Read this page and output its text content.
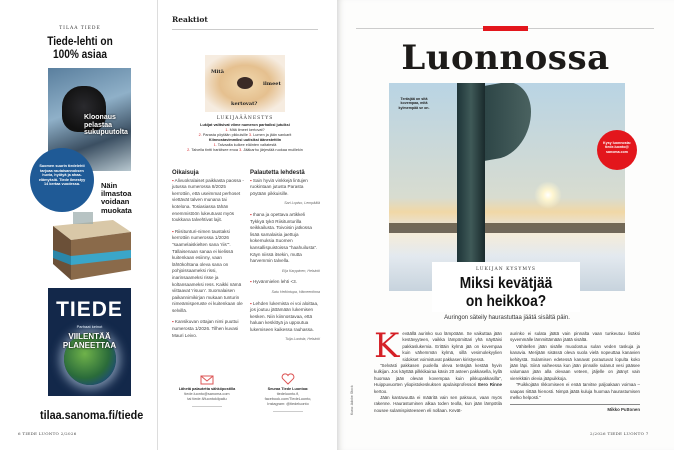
TILAA TIEDE
Tiede-lehti on
100% asiaa
Kloonaus
pelastaa
sukupuutolta
Suomen suurin tiedelehti tarjoaa rautaisannoksen huvia, hyötyä ja ahaa-elämyksiä. Tiede ilmestyy 14 kertaa vuodessa.	Näin
ilmastoa
voidaan
muokata
TIEDE
Parhaat keinot
VIILENTÄÄ
PLANEETTAA
tilaa.sanoma.fi/tiede
6 TIEDE LUONTO 2/2026
Reaktiot
Mitä
ilmeet
kertovat?
LUKIJAÄÄNESTYS
Lukijat valitsivat viime numeron parhaiksi jutuiksi
1. Mitä ilmeet kertovat?
2. Parasta pöytään pikkuisille 3. Lumen ja jään sankarit
Kiinnostavimmiksi uutisiksi äänestettiin
1. Talvaalta kulkee eläinten valtatestä
2. Talvella tintti harkitsee enoa 3. Jääkarhu järjestää ruokaa muillekin
Oikaisuja

▪ Alivuokralaiset paikkasta paossa -jutussa numerossa 8/2025 kerrottiin, että useimmat perhoset viettävät talven munana tai kotelona. Tosiasiassa tähän enemmistöön lukeutuvat myös toukkana talvehtivat lajit.

▪ Riisitunturi-nimen taustaksi kerrottiin numerossa 1/2026 "saamelaiskielten sana 'riis'". Tällaisenaan sanaa ei kielissä kuitenkaan esiinny, vaan lähtökohtana oleva sana on pohjoissaameksi rissi, inarinsaameksi risse ja koltansaameksi ress. Kaikki nämä viittaavat 'risuun'. Suomalaisen paikannimikirjan mukaan tunturin nimeämisperuste ei kuitenkaan ole selvillä.

▪ Kansikuvan ottajan nimi puuttui numerosta 1/2026. Tilhen kuvasi Mauri Leivo.

Palautetta lehdestä

▪ Sain hyviä vinkkejä lintujen ruokintaan jutusta Parasta pöytään pikkuisille.

Sari Lopiso, Lempäälä

▪ Ihana ja opettava artikkeli Tykkyä tykö Riisitunturilla seikkailusta. Toivoisin jatkossa lisää samalaisia jaettuja kokemuksia Suomen kansallispuistoissa "haahuilusta". Käyn niissä itsekin, mutta harvemmin talvella.

Eija Karppinen, Helsinki

▪ Hyvänmielen lehti <3.

Satu Heikintupa, Hämeenlinna

▪ Lehden lukemista ei voi aloittaa, jos joutuu jättämään lukemisen kesken. Niin kiinnostavaa, että haluan keskittyä ja uppoutua lukemiseen kaikessa rauhassa.

Tuija Luotola, Helsinki
Lähetä palautetta sähköpostilla
tiede.luonto@sanoma.com
tai tiede.fi/luontokilpailu
Seuraa Tiede Luontoa:
tiedeluonto.fi,
facebook.com/TiedeLuonto,
Instagram: @tiedeluonto
Luonnossa
Teräsjää on sitä kovempaa, mitä kylmempää se on.
Kysy luonnosta: tiede.luonto@ sanoma.com
LUKIJAN KYSYMYS
Miksi kevätjää
on heikkoa?
Auringon säteily haurastuttaa jäätä sisältä päin.
K eväällä aurinko suo lämpöään. Se vaikuttaa jään kestävyyteen, vaikka lämpömittari yhä näyttäisi pakkaslukemia. Erittäin kylmä jää on kovempaa kuin vähemmän kylmä, sillä vesimolekyylien sidokset voimistuvat pakkasen kiristyessä.

"Selvästi pakkasen puolella oleva teräsjää kestää hyvin kulkijan. Jos käyttää pilkkikairaa käsin 20 asteen pakkasella, kyllä huomaa jään olevan kovempaa kuin pikkupakkasilla", Huippuvuorten yliopistokeskuksen apulaisprofessori Eero Rinne kertoo.

Jään kantavuutta ei määritä vain sen paksuus, vaan myös rakenne. Haurastuminen alkaa toden teolla, kun jään lämpötila nousee sulamispisteeseen eli nollaan. Kevät-

aurinko ei sulata jäätä vain pinnalta vaan tunkeutuu lisäksi syvemmälle lämmittämään jäätä sisältä.

Vähitellen jään sisälle muodostuu sulan veden taskuja ja kanavia. Merijään sisässä oleva suola vielä nopeuttaa kanavien kehitystä. Sulamisen edetessä kanavat porautuvat lopulta koko jään läpi. Siinä vaiheessa kun jään pinnalle sulanut vesi pääsee valumaan jään alla olevaan veteen, jäljelle on jäänyt vain vierekkäin olevia jääpuikkoja.

"Puikkojään rikkomiseen ei enää tarvitse paljoakaan voimaa – saapas riittää hienosti. Nimpä jäätä kuluja huomaa haurastumisen melko helposti."

Mikko Puttonen
Kuva: Adobe Stock
2/2026 TIEDE LUONTO 7
